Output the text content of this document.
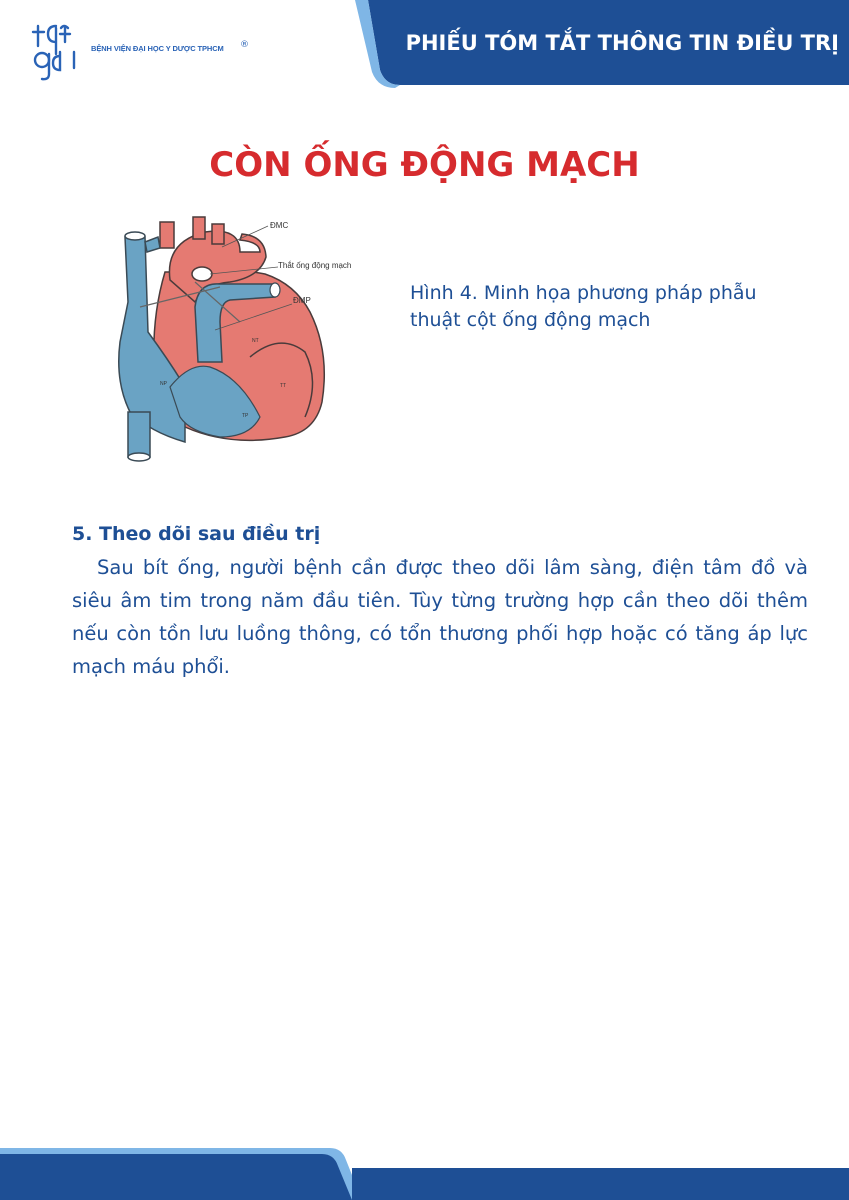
BỆNH VIỆN ĐẠI HỌC Y DƯỢC TPHCM ®	PHIẾU TÓM TẮT THÔNG TIN ĐIỀU TRỊ
CÒN ỐNG ĐỘNG MẠCH
ĐMC
Thắt ống động mạch
ĐMP
NT
NP	TT
TP
Hình 4. Minh họa phương pháp phẫu thuật cột ống động mạch
5. Theo dõi sau điều trị
Sau bít ống, người bệnh cần được theo dõi lâm sàng, điện tâm đồ và siêu âm tim trong năm đầu tiên. Tùy từng trường hợp cần theo dõi thêm nếu còn tồn lưu luồng thông, có tổn thương phối hợp hoặc có tăng áp lực mạch máu phổi.
